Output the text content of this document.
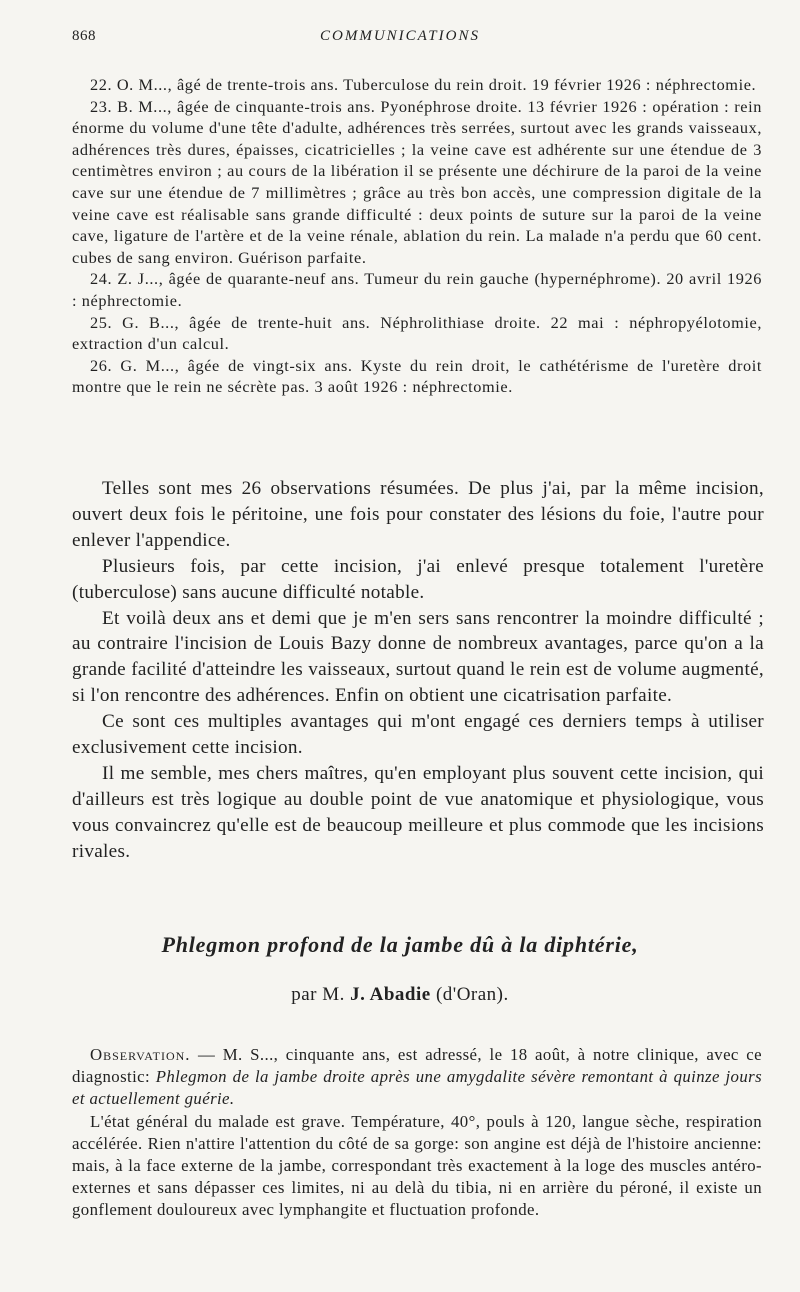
868	COMMUNICATIONS

22. O. M..., âgé de trente-trois ans. Tuberculose du rein droit. 19 février 1926 : néphrectomie.

23. B. M..., âgée de cinquante-trois ans. Pyonéphrose droite. 13 février 1926 : opération : rein énorme du volume d'une tête d'adulte, adhérences très serrées, surtout avec les grands vaisseaux, adhérences très dures, épaisses, cicatricielles ; la veine cave est adhérente sur une étendue de 3 centimètres environ ; au cours de la libération il se présente une déchirure de la paroi de la veine cave sur une étendue de 7 millimètres ; grâce au très bon accès, une compression digitale de la veine cave est réalisable sans grande difficulté : deux points de suture sur la paroi de la veine cave, ligature de l'artère et de la veine rénale, ablation du rein. La malade n'a perdu que 60 cent. cubes de sang environ. Guérison parfaite.

24. Z. J..., âgée de quarante-neuf ans. Tumeur du rein gauche (hypernéphrome). 20 avril 1926 : néphrectomie.

25. G. B..., âgée de trente-huit ans. Néphrolithiase droite. 22 mai : néphropyélotomie, extraction d'un calcul.

26. G. M..., âgée de vingt-six ans. Kyste du rein droit, le cathétérisme de l'uretère droit montre que le rein ne sécrète pas. 3 août 1926 : néphrectomie.

Telles sont mes 26 observations résumées. De plus j'ai, par la même incision, ouvert deux fois le péritoine, une fois pour constater des lésions du foie, l'autre pour enlever l'appendice.

Plusieurs fois, par cette incision, j'ai enlevé presque totalement l'uretère (tuberculose) sans aucune difficulté notable.

Et voilà deux ans et demi que je m'en sers sans rencontrer la moindre difficulté ; au contraire l'incision de Louis Bazy donne de nombreux avantages, parce qu'on a la grande facilité d'atteindre les vaisseaux, surtout quand le rein est de volume augmenté, si l'on rencontre des adhérences. Enfin on obtient une cicatrisation parfaite.

Ce sont ces multiples avantages qui m'ont engagé ces derniers temps à utiliser exclusivement cette incision.

Il me semble, mes chers maîtres, qu'en employant plus souvent cette incision, qui d'ailleurs est très logique au double point de vue anatomique et physiologique, vous vous convaincrez qu'elle est de beaucoup meilleure et plus commode que les incisions rivales.

Phlegmon profond de la jambe dû à la diphtérie,
par M. J. Abadie (d'Oran).

Observation. — M. S..., cinquante ans, est adressé, le 18 août, à notre clinique, avec ce diagnostic: Phlegmon de la jambe droite après une amygdalite sévère remontant à quinze jours et actuellement guérie.

L'état général du malade est grave. Température, 40°, pouls à 120, langue sèche, respiration accélérée. Rien n'attire l'attention du côté de sa gorge: son angine est déjà de l'histoire ancienne: mais, à la face externe de la jambe, correspondant très exactement à la loge des muscles antéro-externes et sans dépasser ces limites, ni au delà du tibia, ni en arrière du péroné, il existe un gonflement douloureux avec lymphangite et fluctuation profonde.
